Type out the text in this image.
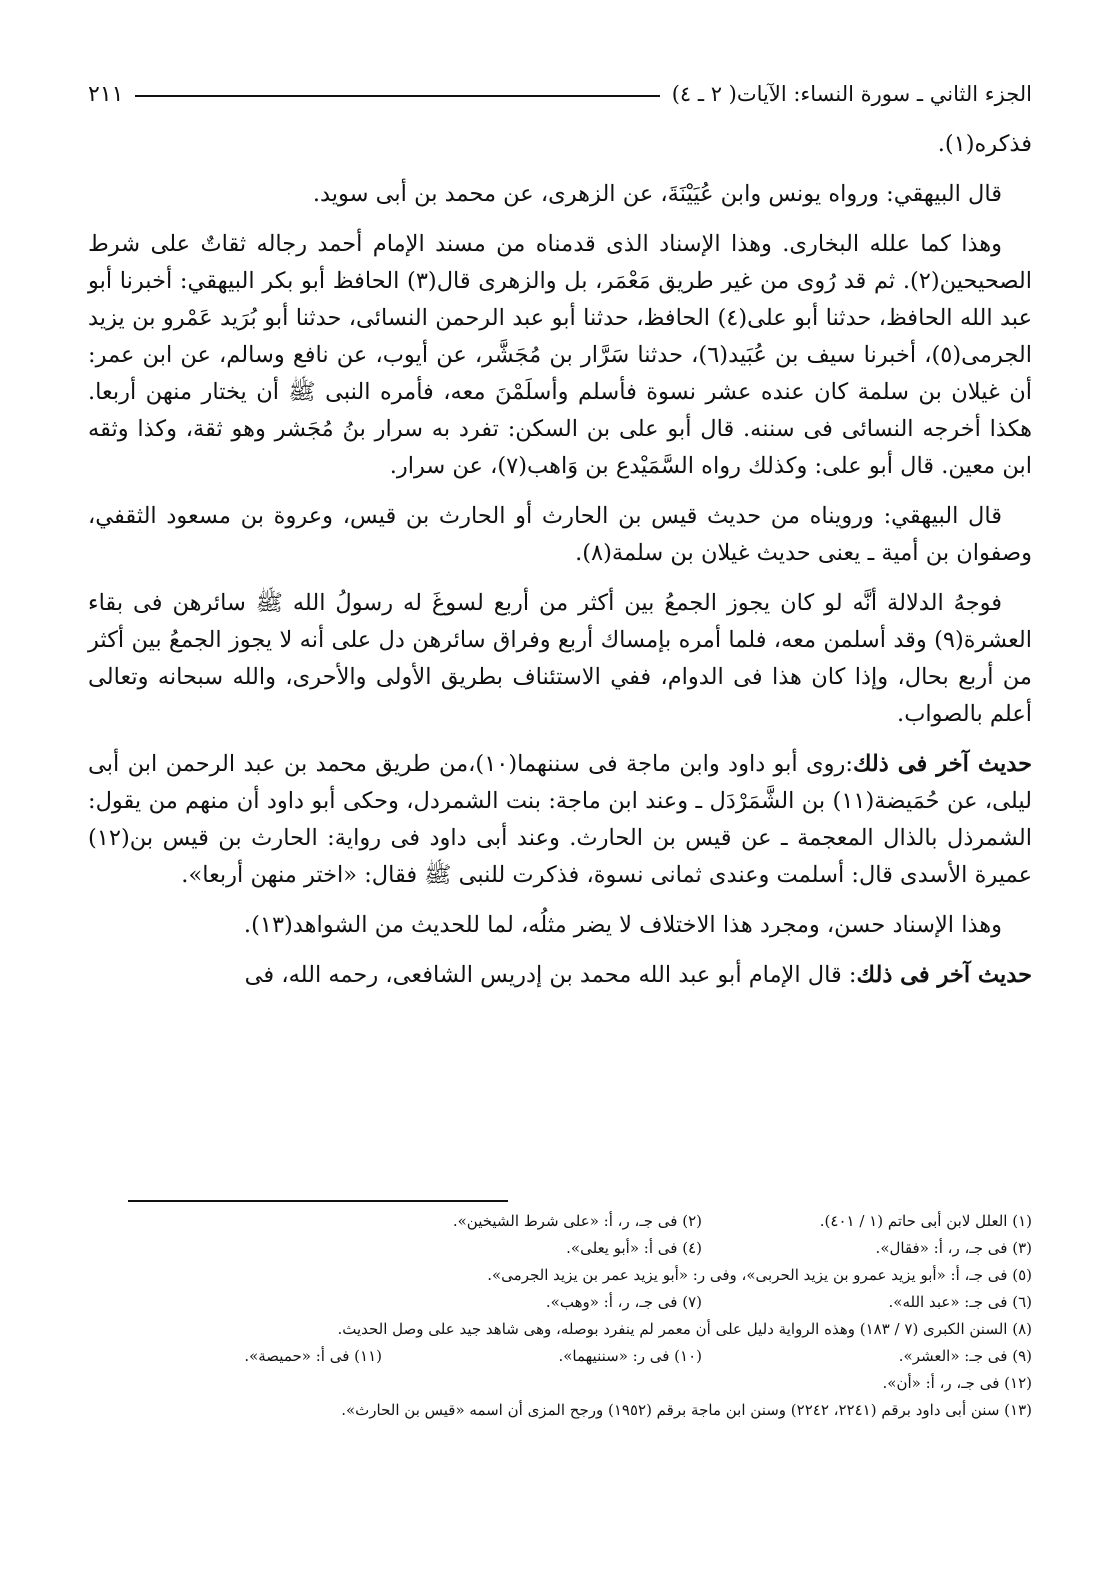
الجزء الثاني ـ سورة النساء: الآيات( ٢ ـ ٤)
٢١١

فذكره(١).

قال البيهقي: ورواه يونس وابن عُيَيْنَةَ، عن الزهرى، عن محمد بن أبى سويد.

وهذا كما علله البخارى. وهذا الإسناد الذى قدمناه من مسند الإمام أحمد رجاله ثقاتٌ على شرط الصحيحين(٢). ثم قد رُوى من غير طريق مَعْمَر، بل والزهرى قال(٣) الحافظ أبو بكر البيهقي: أخبرنا أبو عبد الله الحافظ، حدثنا أبو على(٤) الحافظ، حدثنا أبو عبد الرحمن النسائى، حدثنا أبو بُرَيد عَمْرو بن يزيد الجرمى(٥)، أخبرنا سيف بن عُبَيد(٦)، حدثنا سَرَّار بن مُجَشَّر، عن أيوب، عن نافع وسالم، عن ابن عمر: أن غيلان بن سلمة كان عنده عشر نسوة فأسلم وأسلَمْنَ معه، فأمره النبى ﷺ أن يختار منهن أربعا. هكذا أخرجه النسائى فى سننه. قال أبو على بن السكن: تفرد به سرار بنُ مُجَشر وهو ثقة، وكذا وثقه ابن معين. قال أبو على: وكذلك رواه السَّمَيْدع بن وَاهب(٧)، عن سرار.

قال البيهقي: ورويناه من حديث قيس بن الحارث أو الحارث بن قيس، وعروة بن مسعود الثقفي، وصفوان بن أمية ـ يعنى حديث غيلان بن سلمة(٨).

فوجهُ الدلالة أنَّه لو كان يجوز الجمعُ بين أكثر من أربع لسوغَ له رسولُ الله ﷺ سائرهن فى بقاء العشرة(٩) وقد أسلمن معه، فلما أمره بإمساك أربع وفراق سائرهن دل على أنه لا يجوز الجمعُ بين أكثر من أربع بحال، وإذا كان هذا فى الدوام، ففي الاستئناف بطريق الأولى والأحرى، والله سبحانه وتعالى أعلم بالصواب.

حديث آخر فى ذلك:روى أبو داود وابن ماجة فى سننهما(١٠)،من طريق محمد بن عبد الرحمن ابن أبى ليلى، عن حُمَيضة(١١) بن الشَّمَرْدَل ـ وعند ابن ماجة: بنت الشمردل، وحكى أبو داود أن منهم من يقول: الشمرذل بالذال المعجمة ـ عن قيس بن الحارث. وعند أبى داود فى رواية: الحارث بن قيس بن(١٢) عميرة الأسدى قال: أسلمت وعندى ثمانى نسوة، فذكرت للنبى ﷺ فقال: «اختر منهن أربعا».

وهذا الإسناد حسن، ومجرد هذا الاختلاف لا يضر مثلُه، لما للحديث من الشواهد(١٣).

حديث آخر فى ذلك: قال الإمام أبو عبد الله محمد بن إدريس الشافعى، رحمه الله، فى

(١) العلل لابن أبى حاتم (١ / ٤٠١).
(٢) فى جـ، ر، أ: «على شرط الشيخين».
(٣) فى جـ، ر، أ: «فقال».
(٤) فى أ: «أبو يعلى».
(٥) فى جـ، أ: «أبو يزيد عمرو بن يزيد الحربى»، وفى ر: «أبو يزيد عمر بن يزيد الجرمى».
(٦) فى جـ: «عبد الله».
(٧) فى جـ، ر، أ: «وهب».
(٨) السنن الكبرى (٧ / ١٨٣) وهذه الرواية دليل على أن معمر لم ينفرد بوصله، وهى شاهد جيد على وصل الحديث.
(٩) فى جـ: «العشر».
(١٠) فى ر: «سننيهما».
(١١) فى أ: «حميصة».
(١٢) فى جـ، ر، أ: «أن».
(١٣) سنن أبى داود برقم (٢٢٤١، ٢٢٤٢) وسنن ابن ماجة برقم (١٩٥٢) ورجح المزى أن اسمه «قيس بن الحارث».
